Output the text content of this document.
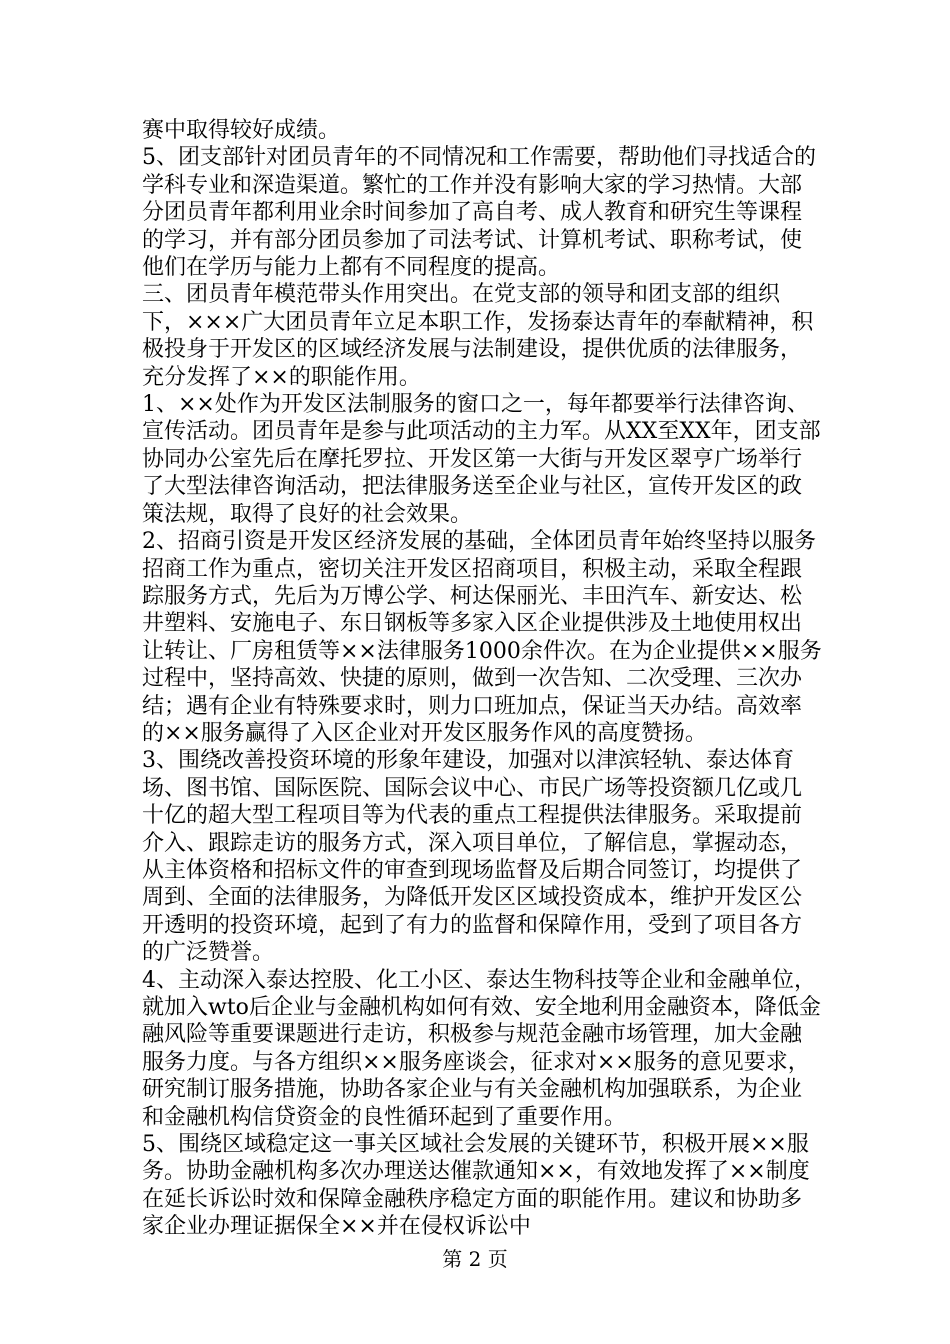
赛中取得较好成绩。

5、团支部针对团员青年的不同情况和工作需要，帮助他们寻找适合的学科专业和深造渠道。繁忙的工作并没有影响大家的学习热情。大部分团员青年都利用业余时间参加了高自考、成人教育和研究生等课程的学习，并有部分团员参加了司法考试、计算机考试、职称考试，使他们在学历与能力上都有不同程度的提高。

三、团员青年模范带头作用突出。在党支部的领导和团支部的组织下，×××广大团员青年立足本职工作，发扬泰达青年的奉献精神，积极投身于开发区的区域经济发展与法制建设，提供优质的法律服务，充分发挥了××的职能作用。

1、××处作为开发区法制服务的窗口之一，每年都要举行法律咨询、宣传活动。团员青年是参与此项活动的主力军。从XX至XX年，团支部协同办公室先后在摩托罗拉、开发区第一大街与开发区翠亨广场举行了大型法律咨询活动，把法律服务送至企业与社区，宣传开发区的政策法规，取得了良好的社会效果。

2、招商引资是开发区经济发展的基础，全体团员青年始终坚持以服务招商工作为重点，密切关注开发区招商项目，积极主动，采取全程跟踪服务方式，先后为万博公学、柯达保丽光、丰田汽车、新安达、松井塑料、安施电子、东日钢板等多家入区企业提供涉及土地使用权出让转让、厂房租赁等××法律服务1000余件次。在为企业提供××服务过程中，坚持高效、快捷的原则，做到一次告知、二次受理、三次办结；遇有企业有特殊要求时，则力口班加点，保证当天办结。高效率的××服务赢得了入区企业对开发区服务作风的高度赞扬。

3、围绕改善投资环境的形象年建设，加强对以津滨轻轨、泰达体育场、图书馆、国际医院、国际会议中心、市民广场等投资额几亿或几十亿的超大型工程项目等为代表的重点工程提供法律服务。采取提前介入、跟踪走访的服务方式，深入项目单位，了解信息，掌握动态，从主体资格和招标文件的审查到现场监督及后期合同签订，均提供了周到、全面的法律服务，为降低开发区区域投资成本，维护开发区公开透明的投资环境，起到了有力的监督和保障作用，受到了项目各方的广泛赞誉。

4、主动深入泰达控股、化工小区、泰达生物科技等企业和金融单位，就加入wto后企业与金融机构如何有效、安全地利用金融资本，降低金融风险等重要课题进行走访，积极参与规范金融市场管理，加大金融服务力度。与各方组织××服务座谈会，征求对××服务的意见要求，研究制订服务措施，协助各家企业与有关金融机构加强联系，为企业和金融机构信贷资金的良性循环起到了重要作用。

5、围绕区域稳定这一事关区域社会发展的关键环节，积极开展××服务。协助金融机构多次办理送达催款通知××，有效地发挥了××制度在延长诉讼时效和保障金融秩序稳定方面的职能作用。建议和协助多家企业办理证据保全××并在侵权诉讼中

第 2 页
